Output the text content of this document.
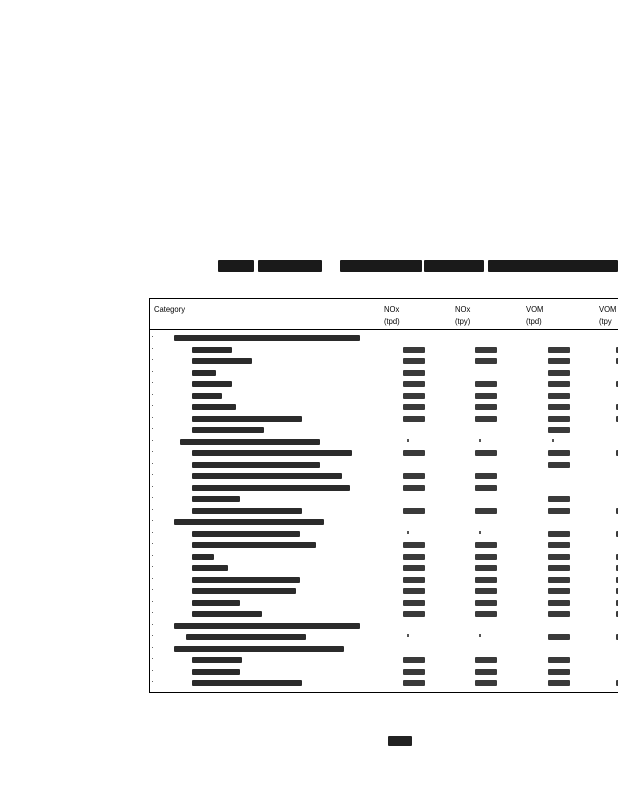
Category	NOx
(tpd)
NOx
(tpy)
VOM
(tpd)
VOM
(tpy
